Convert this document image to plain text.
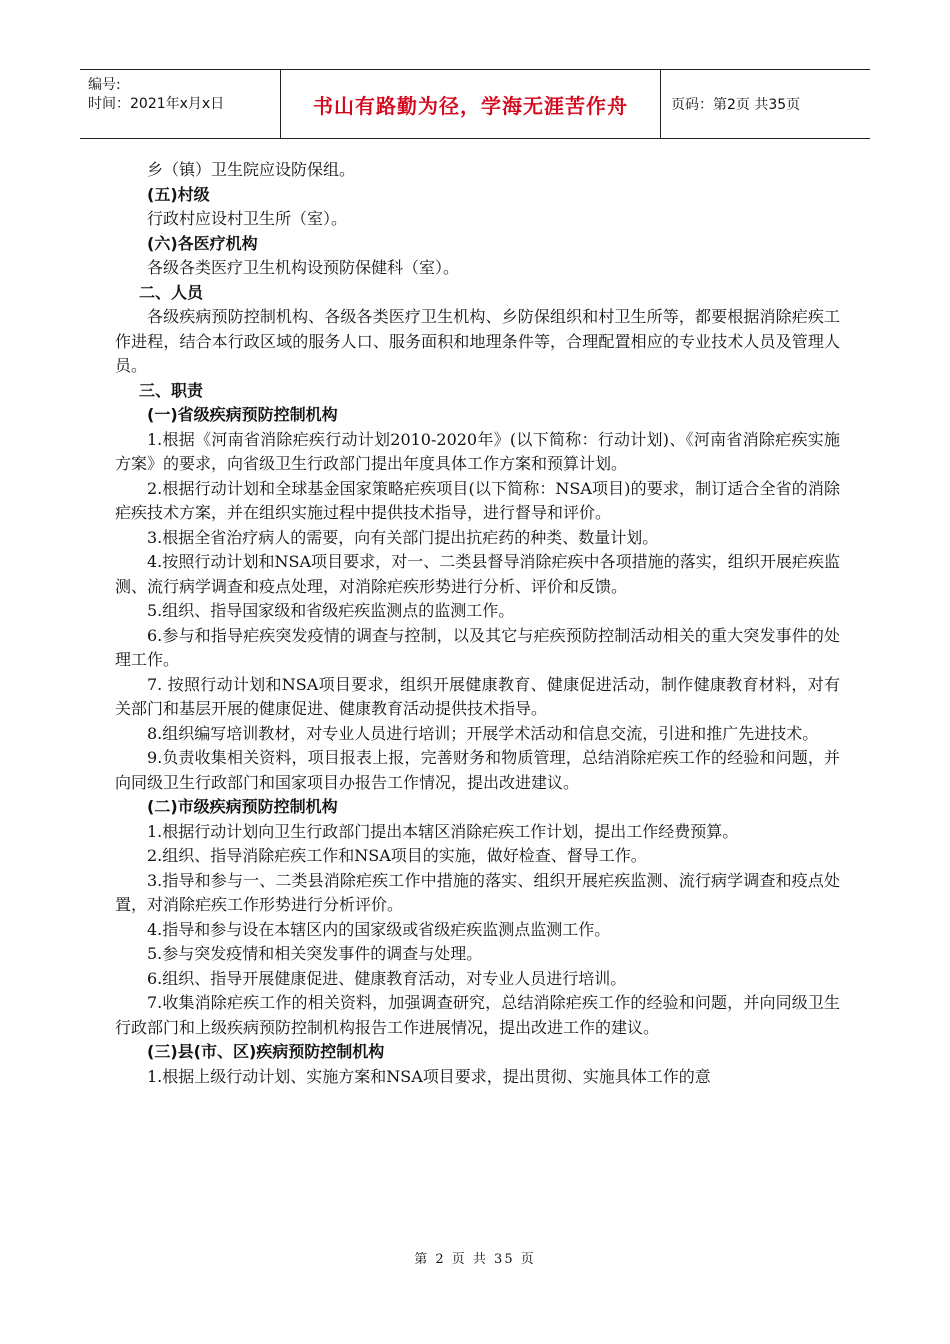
编号:
时间：2021年x月x日	书山有路勤为径，学海无涯苦作舟	页码：第2页 共35页
乡（镇）卫生院应设防保组。
(五)村级
行政村应设村卫生所（室）。
(六)各医疗机构
各级各类医疗卫生机构设预防保健科（室）。
二、人员
各级疾病预防控制机构、各级各类医疗卫生机构、乡防保组织和村卫生所等，都要根据消除疟疾工作进程，结合本行政区域的服务人口、服务面积和地理条件等，合理配置相应的专业技术人员及管理人员。
三、职责
(一)省级疾病预防控制机构
1.根据《河南省消除疟疾行动计划2010-2020年》(以下简称：行动计划)、《河南省消除疟疾实施方案》的要求，向省级卫生行政部门提出年度具体工作方案和预算计划。
2.根据行动计划和全球基金国家策略疟疾项目(以下简称：NSA项目)的要求，制订适合全省的消除疟疾技术方案，并在组织实施过程中提供技术指导，进行督导和评价。
3.根据全省治疗病人的需要，向有关部门提出抗疟药的种类、数量计划。
4.按照行动计划和NSA项目要求，对一、二类县督导消除疟疾中各项措施的落实，组织开展疟疾监测、流行病学调查和疫点处理，对消除疟疾形势进行分析、评价和反馈。
5.组织、指导国家级和省级疟疾监测点的监测工作。
6.参与和指导疟疾突发疫情的调查与控制，以及其它与疟疾预防控制活动相关的重大突发事件的处理工作。
7. 按照行动计划和NSA项目要求，组织开展健康教育、健康促进活动，制作健康教育材料，对有关部门和基层开展的健康促进、健康教育活动提供技术指导。
8.组织编写培训教材，对专业人员进行培训；开展学术活动和信息交流，引进和推广先进技术。
9.负责收集相关资料，项目报表上报，完善财务和物质管理，总结消除疟疾工作的经验和问题，并向同级卫生行政部门和国家项目办报告工作情况，提出改进建议。
(二)市级疾病预防控制机构
1.根据行动计划向卫生行政部门提出本辖区消除疟疾工作计划，提出工作经费预算。
2.组织、指导消除疟疾工作和NSA项目的实施，做好检查、督导工作。
3.指导和参与一、二类县消除疟疾工作中措施的落实、组织开展疟疾监测、流行病学调查和疫点处置，对消除疟疾工作形势进行分析评价。
4.指导和参与设在本辖区内的国家级或省级疟疾监测点监测工作。
5.参与突发疫情和相关突发事件的调查与处理。
6.组织、指导开展健康促进、健康教育活动，对专业人员进行培训。
7.收集消除疟疾工作的相关资料，加强调查研究，总结消除疟疾工作的经验和问题，并向同级卫生行政部门和上级疾病预防控制机构报告工作进展情况，提出改进工作的建议。
(三)县(市、区)疾病预防控制机构
1.根据上级行动计划、实施方案和NSA项目要求，提出贯彻、实施具体工作的意
第 2 页 共 35 页
